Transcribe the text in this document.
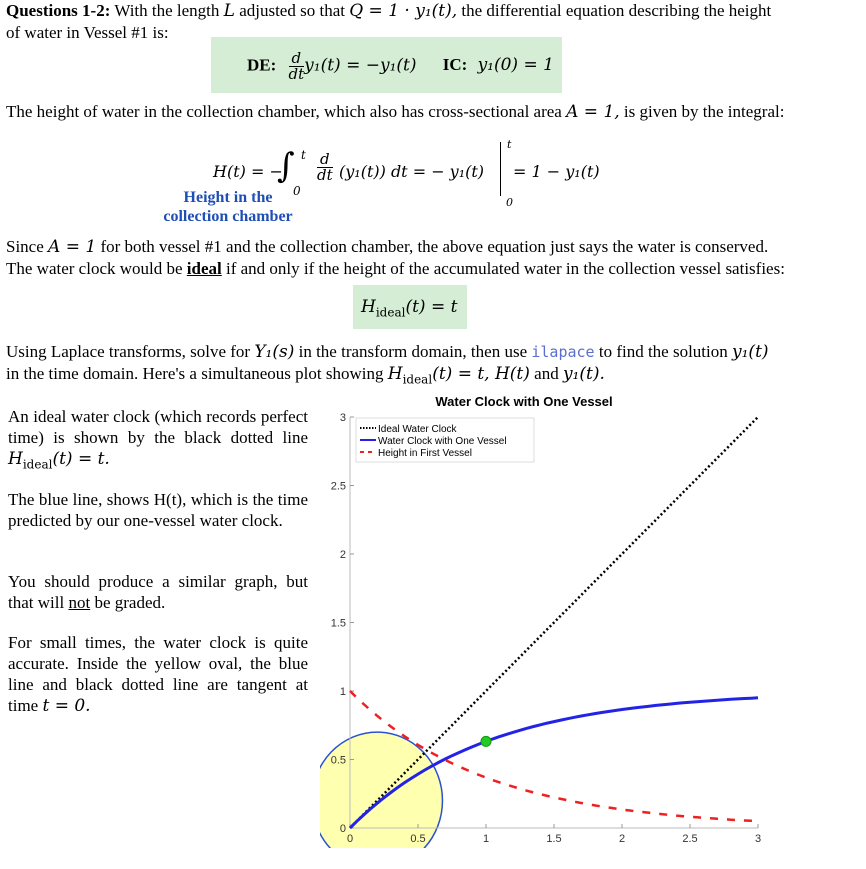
Questions 1-2: With the length L adjusted so that Q = 1 · y₁(t), the differential equation describing the height
of water in Vessel #1 is:
DE: $\frac{d}{dt} y_1(t) = -y_1(t)$ IC: y₁(0) = 1
The height of water in the collection chamber, which also has cross-sectional area A = 1, is given by the integral:
H(t) = −
∫ t
0
$\frac{d}{dt} (y_1(t))$ dt = − y₁(t)
t
0
= 1 − y₁(t)
Height in the
collection chamber
Since A = 1 for both vessel #1 and the collection chamber, the above equation just says the water is conserved.
The water clock would be ideal if and only if the height of the accumulated water in the collection vessel satisfies:
$H_{ideal}(t) = t$
Using Laplace transforms, solve for Y₁(s) in the transform domain, then use ilapace to find the solution y₁(t)
in the time domain. Here's a simultaneous plot showing $H_{ideal}(t) = t$, H(t) and y₁(t).
An ideal water clock (which records perfect time) is shown by the black dotted line $H_{ideal}(t) = t$.
The blue line, shows H(t), which is the time predicted by our one-vessel water clock.
You should produce a similar graph, but that will not be graded.
For small times, the water clock is quite accurate. Inside the yellow oval, the blue line and black dotted line are tangent at time t = 0.
0
0.5
1
1.5
2
2.5
3
0	0.5	1	1.5	2	2.5	3
Water Clock with One Vessel
Ideal Water Clock
Water Clock with One Vessel
Height in First Vessel
